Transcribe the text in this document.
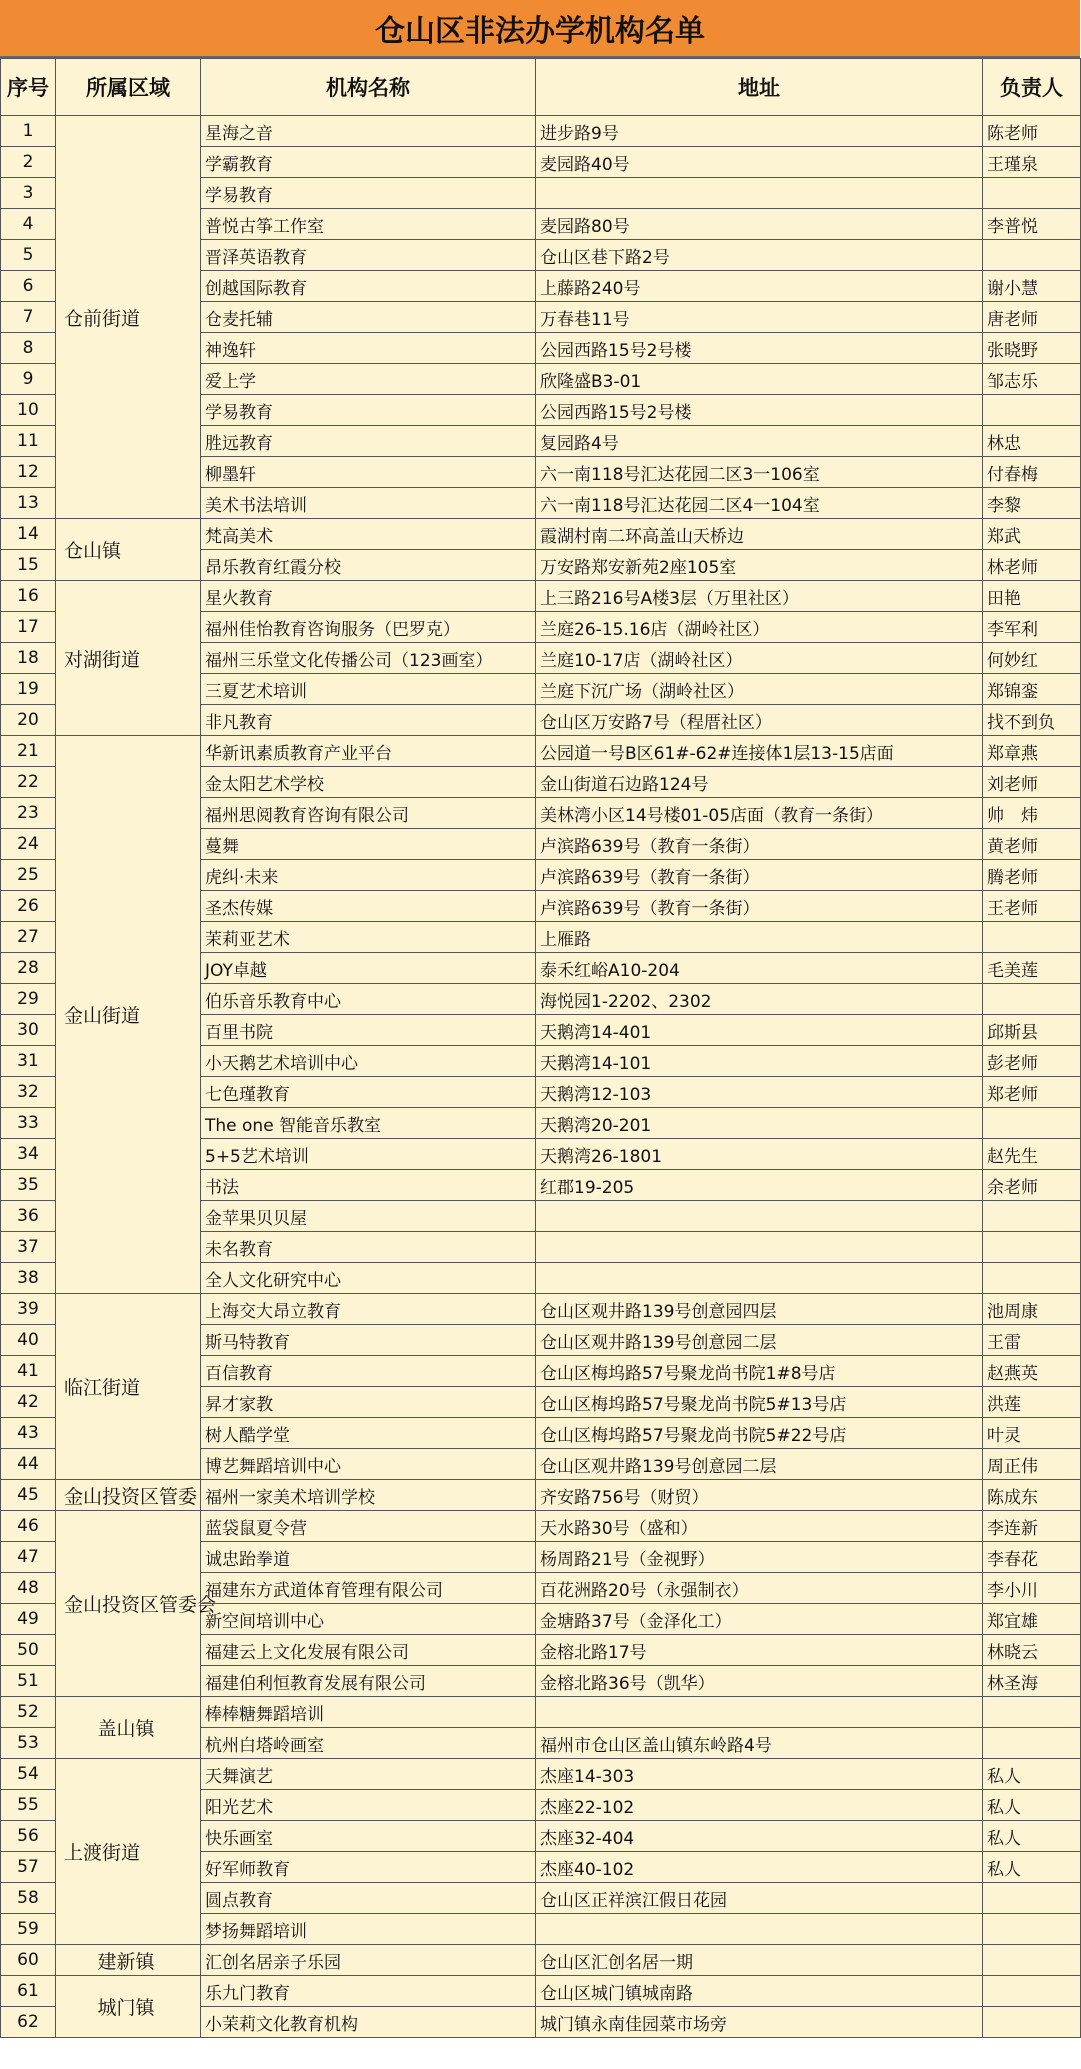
仓山区非法办学机构名单
序号	所属区域	机构名称	地址	负责人
1	仓前街道	星海之音	进步路9号	陈老师
2		学霸教育	麦园路40号	王瑾泉
3		学易教育		
4		普悦古筝工作室	麦园路80号	李普悦
5		晋泽英语教育	仓山区巷下路2号	
6		创越国际教育	上藤路240号	谢小慧
7		仓麦托辅	万春巷11号	唐老师
8		神逸轩	公园西路15号2号楼	张晓野
9		爱上学	欣隆盛B3-01	邹志乐
10		学易教育	公园西路15号2号楼	
11		胜远教育	复园路4号	林忠
12		柳墨轩	六一南118号汇达花园二区3一106室	付春梅
13		美术书法培训	六一南118号汇达花园二区4一104室	李黎
14	仓山镇	梵高美术	霞湖村南二环高盖山天桥边	郑武
15		昂乐教育红霞分校	万安路郑安新苑2座105室	林老师
16	对湖街道	星火教育	上三路216号A楼3层（万里社区）	田艳
17		福州佳怡教育咨询服务（巴罗克）	兰庭26-15.16店（湖岭社区）	李军利
18		福州三乐堂文化传播公司（123画室）	兰庭10-17店（湖岭社区）	何妙红
19		三夏艺术培训	兰庭下沉广场（湖岭社区）	郑锦銮
20		非凡教育	仓山区万安路7号（程厝社区）	找不到负
21	金山街道	华新讯素质教育产业平台	公园道一号B区61#-62#连接体1层13-15店面	郑章燕
22		金太阳艺术学校	金山街道石边路124号	刘老师
23		福州思阅教育咨询有限公司	美林湾小区14号楼01-05店面（教育一条街）	帅　炜
24		蔓舞	卢滨路639号（教育一条街）	黄老师
25		虎纠·未来	卢滨路639号（教育一条街）	腾老师
26		圣杰传媒	卢滨路639号（教育一条街）	王老师
27		茉莉亚艺术	上雁路	
28		JOY卓越	泰禾红峪A10-204	毛美莲
29		伯乐音乐教育中心	海悦园1-2202、2302	
30		百里书院	天鹅湾14-401	邱斯县
31		小天鹅艺术培训中心	天鹅湾14-101	彭老师
32		七色瑾教育	天鹅湾12-103	郑老师
33		The one 智能音乐教室	天鹅湾20-201	
34		5+5艺术培训	天鹅湾26-1801	赵先生
35		书法	红郡19-205	余老师
36		金苹果贝贝屋		
37		未名教育		
38		全人文化研究中心		
39	临江街道	上海交大昂立教育	仓山区观井路139号创意园四层	池周康
40		斯马特教育	仓山区观井路139号创意园二层	王雷
41		百信教育	仓山区梅坞路57号聚龙尚书院1#8号店	赵燕英
42		昇才家教	仓山区梅坞路57号聚龙尚书院5#13号店	洪莲
43		树人酷学堂	仓山区梅坞路57号聚龙尚书院5#22号店	叶灵
44		博艺舞蹈培训中心	仓山区观井路139号创意园二层	周正伟
45	金山投资区管委	福州一家美术培训学校	齐安路756号（财贸）	陈成东
46	金山投资区管委会	蓝袋鼠夏令营	天水路30号（盛和）	李连新
47		诚忠跆拳道	杨周路21号（金视野）	李春花
48		福建东方武道体育管理有限公司	百花洲路20号（永强制衣）	李小川
49		新空间培训中心	金塘路37号（金泽化工）	郑宜雄
50		福建云上文化发展有限公司	金榕北路17号	林晓云
51		福建伯利恒教育发展有限公司	金榕北路36号（凯华）	林圣海
52	盖山镇	棒棒糖舞蹈培训		
53		杭州白塔岭画室	福州市仓山区盖山镇东岭路4号	
54	上渡街道	天舞演艺	杰座14-303	私人
55		阳光艺术	杰座22-102	私人
56		快乐画室	杰座32-404	私人
57		好军师教育	杰座40-102	私人
58		圆点教育	仓山区正祥滨江假日花园	
59		梦扬舞蹈培训		
60	建新镇	汇创名居亲子乐园	仓山区汇创名居一期	
61	城门镇	乐九门教育	仓山区城门镇城南路	
62		小茉莉文化教育机构	城门镇永南佳园菜市场旁	
